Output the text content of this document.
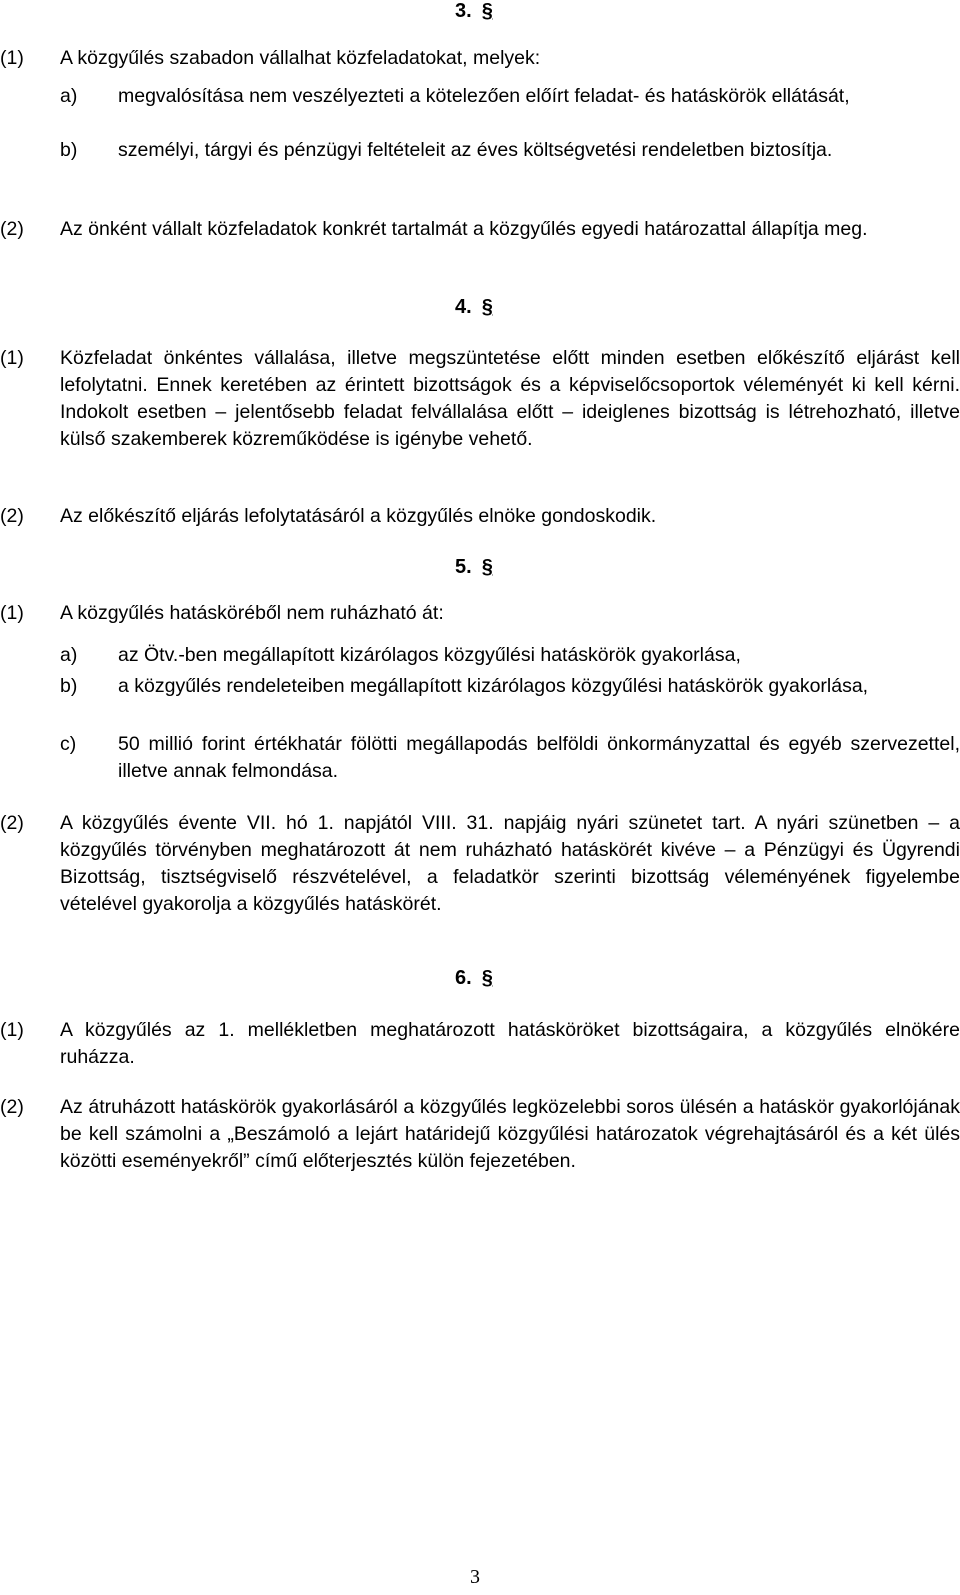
3. §
(1) A közgyűlés szabadon vállalhat közfeladatokat, melyek:
a) megvalósítása nem veszélyezteti a kötelezően előírt feladat- és hatáskörök ellátását,
b) személyi, tárgyi és pénzügyi feltételeit az éves költségvetési rendeletben biztosítja.
(2) Az önként vállalt közfeladatok konkrét tartalmát a közgyűlés egyedi határozattal állapítja meg.
4. §
(1) Közfeladat önkéntes vállalása, illetve megszüntetése előtt minden esetben előkészítő eljárást kell lefolytatni. Ennek keretében az érintett bizottságok és a képviselőcsoportok véleményét ki kell kérni. Indokolt esetben – jelentősebb feladat felvállalása előtt – ideiglenes bizottság is létrehozható, illetve külső szakemberek közreműködése is igénybe vehető.
(2) Az előkészítő eljárás lefolytatásáról a közgyűlés elnöke gondoskodik.
5. §
(1) A közgyűlés hatásköréből nem ruházható át:
a) az Ötv.-ben megállapított kizárólagos közgyűlési hatáskörök gyakorlása,
b) a közgyűlés rendeleteiben megállapított kizárólagos közgyűlési hatáskörök gyakorlása,
c) 50 millió forint értékhatár fölötti megállapodás belföldi önkormányzattal és egyéb szervezettel, illetve annak felmondása.
(2) A közgyűlés évente VII. hó 1. napjától VIII. 31. napjáig nyári szünetet tart. A nyári szünetben – a közgyűlés törvényben meghatározott át nem ruházható hatáskörét kivéve – a Pénzügyi és Ügyrendi Bizottság, tisztségviselő részvételével, a feladatkör szerinti bizottság véleményének figyelembe vételével gyakorolja a közgyűlés hatáskörét.
6. §
(1) A közgyűlés az 1. mellékletben meghatározott hatásköröket bizottságaira, a közgyűlés elnökére ruházza.
(2) Az átruházott hatáskörök gyakorlásáról a közgyűlés legközelebbi soros ülésén a hatáskör gyakorlójának be kell számolni a „Beszámoló a lejárt határidejű közgyűlési határozatok végrehajtásáról és a két ülés közötti eseményekről” című előterjesztés külön fejezetében.
3
